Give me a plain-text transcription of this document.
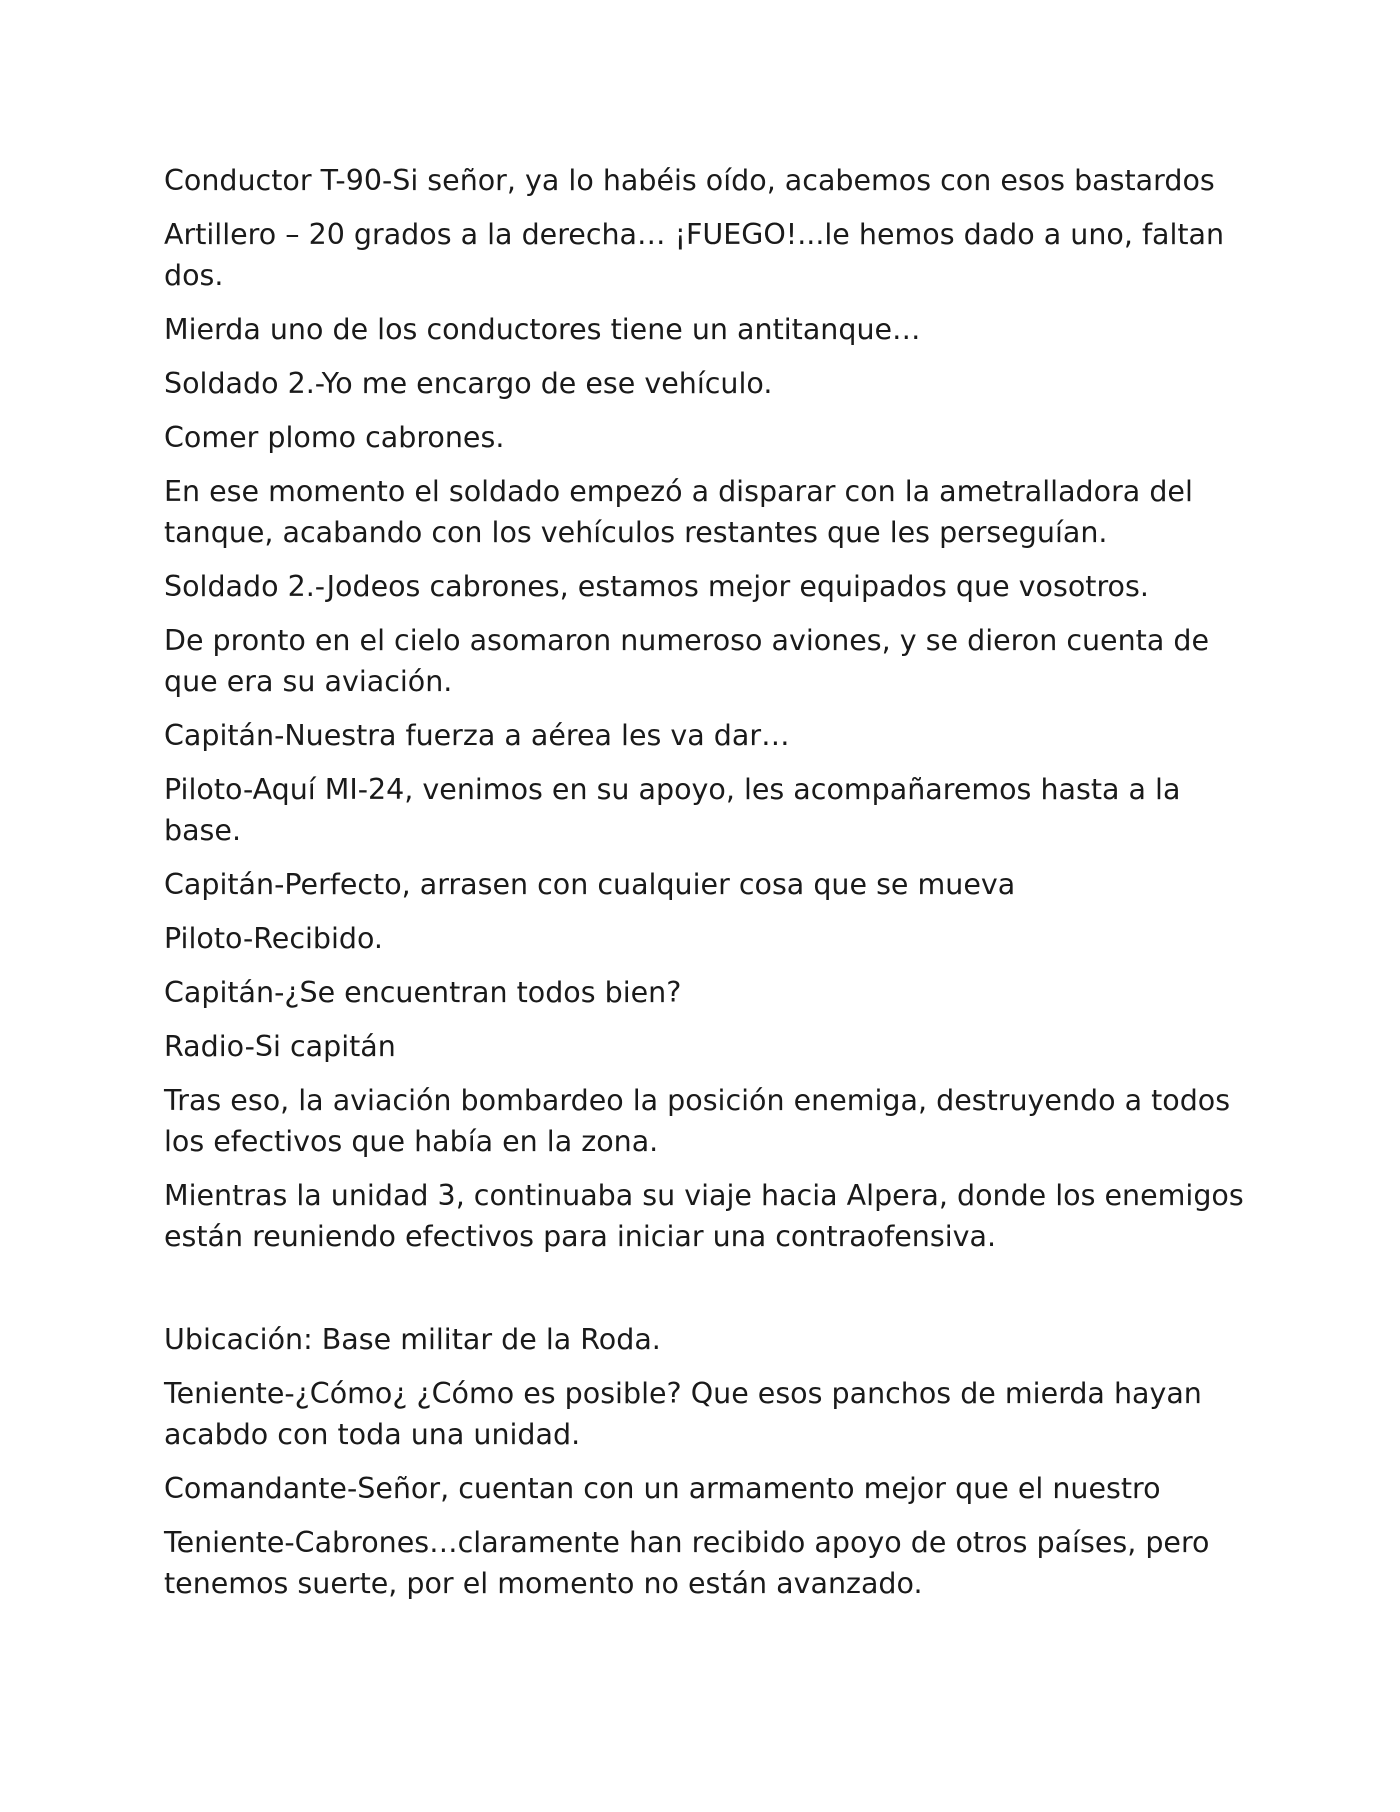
Conductor T-90-Si señor, ya lo habéis oído, acabemos con esos bastardos

Artillero – 20 grados a la derecha… ¡FUEGO!...le hemos dado a uno, faltan dos.

Mierda uno de los conductores tiene un antitanque…

Soldado 2.-Yo me encargo de ese vehículo.

Comer plomo cabrones.

En ese momento el soldado empezó a disparar con la ametralladora del tanque, acabando con los vehículos restantes que les perseguían.

Soldado 2.-Jodeos cabrones, estamos mejor equipados que vosotros.

De pronto en el cielo asomaron numeroso aviones, y se dieron cuenta de que era su aviación.

Capitán-Nuestra fuerza a aérea les va dar…

Piloto-Aquí MI-24, venimos en su apoyo, les acompañaremos hasta a la base.

Capitán-Perfecto, arrasen con cualquier cosa que se mueva

Piloto-Recibido.

Capitán-¿Se encuentran todos bien?

Radio-Si capitán

Tras eso, la aviación bombardeo la posición enemiga, destruyendo a todos los efectivos que había en la zona.

Mientras la unidad 3, continuaba su viaje hacia Alpera, donde los enemigos están reuniendo efectivos para iniciar una contraofensiva.

Ubicación: Base militar de la Roda.

Teniente-¿Cómo¿ ¿Cómo es posible? Que esos panchos de mierda hayan acabdo con toda una unidad.

Comandante-Señor, cuentan con un armamento mejor que el nuestro

Teniente-Cabrones…claramente han recibido apoyo de otros países, pero tenemos suerte, por el momento no están avanzado.
